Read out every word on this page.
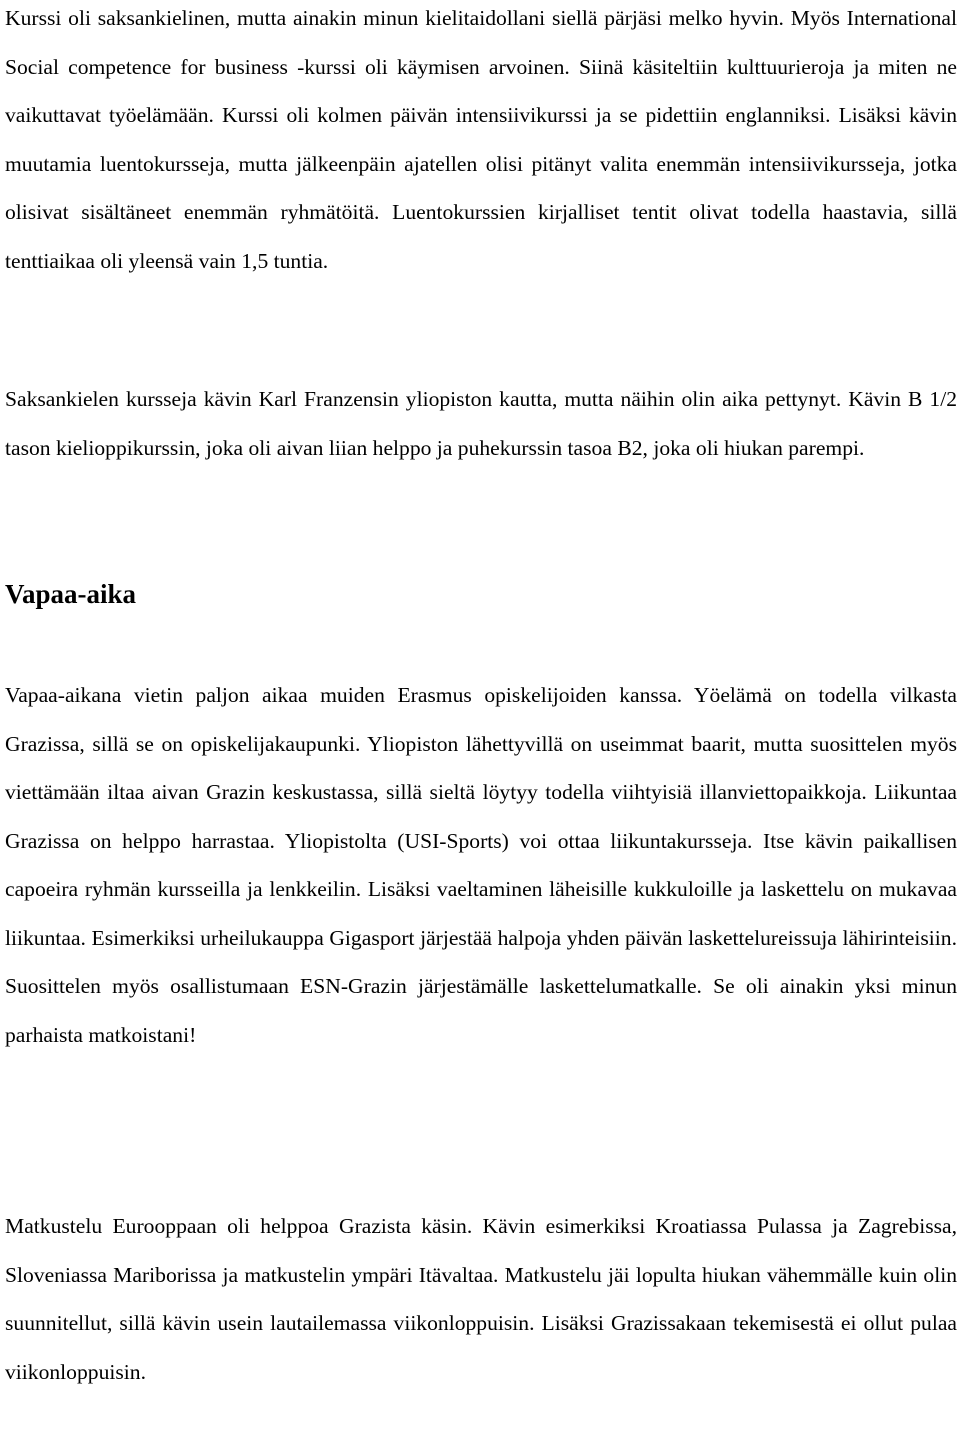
Kurssi oli saksankielinen, mutta ainakin minun kielitaidollani siellä pärjäsi melko hyvin. Myös International Social competence for business -kurssi oli käymisen arvoinen. Siinä käsiteltiin kulttuurieroja ja miten ne vaikuttavat työelämään. Kurssi oli kolmen päivän intensiivikurssi ja se pidettiin englanniksi. Lisäksi kävin muutamia luentokursseja, mutta jälkeenpäin ajatellen olisi pitänyt valita enemmän intensiivikursseja, jotka olisivat sisältäneet enemmän ryhmätöitä. Luentokurssien kirjalliset tentit olivat todella haastavia, sillä tenttiaikaa oli yleensä vain 1,5 tuntia.

Saksankielen kursseja kävin Karl Franzensin yliopiston kautta, mutta näihin olin aika pettynyt. Kävin B 1/2 tason kielioppikurssin, joka oli aivan liian helppo ja puhekurssin tasoa B2, joka oli hiukan parempi.

Vapaa-aika

Vapaa-aikana vietin paljon aikaa muiden Erasmus opiskelijoiden kanssa. Yöelämä on todella vilkasta Grazissa, sillä se on opiskelijakaupunki. Yliopiston lähettyvillä on useimmat baarit, mutta suosittelen myös viettämään iltaa aivan Grazin keskustassa, sillä sieltä löytyy todella viihtyisiä illanviettopaikkoja. Liikuntaa Grazissa on helppo harrastaa. Yliopistolta (USI-Sports) voi ottaa liikuntakursseja. Itse kävin paikallisen capoeira ryhmän kursseilla ja lenkkeilin. Lisäksi vaeltaminen läheisille kukkuloille ja laskettelu on mukavaa liikuntaa. Esimerkiksi urheilukauppa Gigasport järjestää halpoja yhden päivän laskettelureissuja lähirinteisiin. Suosittelen myös osallistumaan ESN-Grazin järjestämälle laskettelumatkalle. Se oli ainakin yksi minun parhaista matkoistani!

Matkustelu Eurooppaan oli helppoa Grazista käsin. Kävin esimerkiksi Kroatiassa Pulassa ja Zagrebissa, Sloveniassa Mariborissa ja matkustelin ympäri Itävaltaa. Matkustelu jäi lopulta hiukan vähemmälle kuin olin suunnitellut, sillä kävin usein lautailemassa viikonloppuisin. Lisäksi Grazissakaan tekemisestä ei ollut pulaa viikonloppuisin.
